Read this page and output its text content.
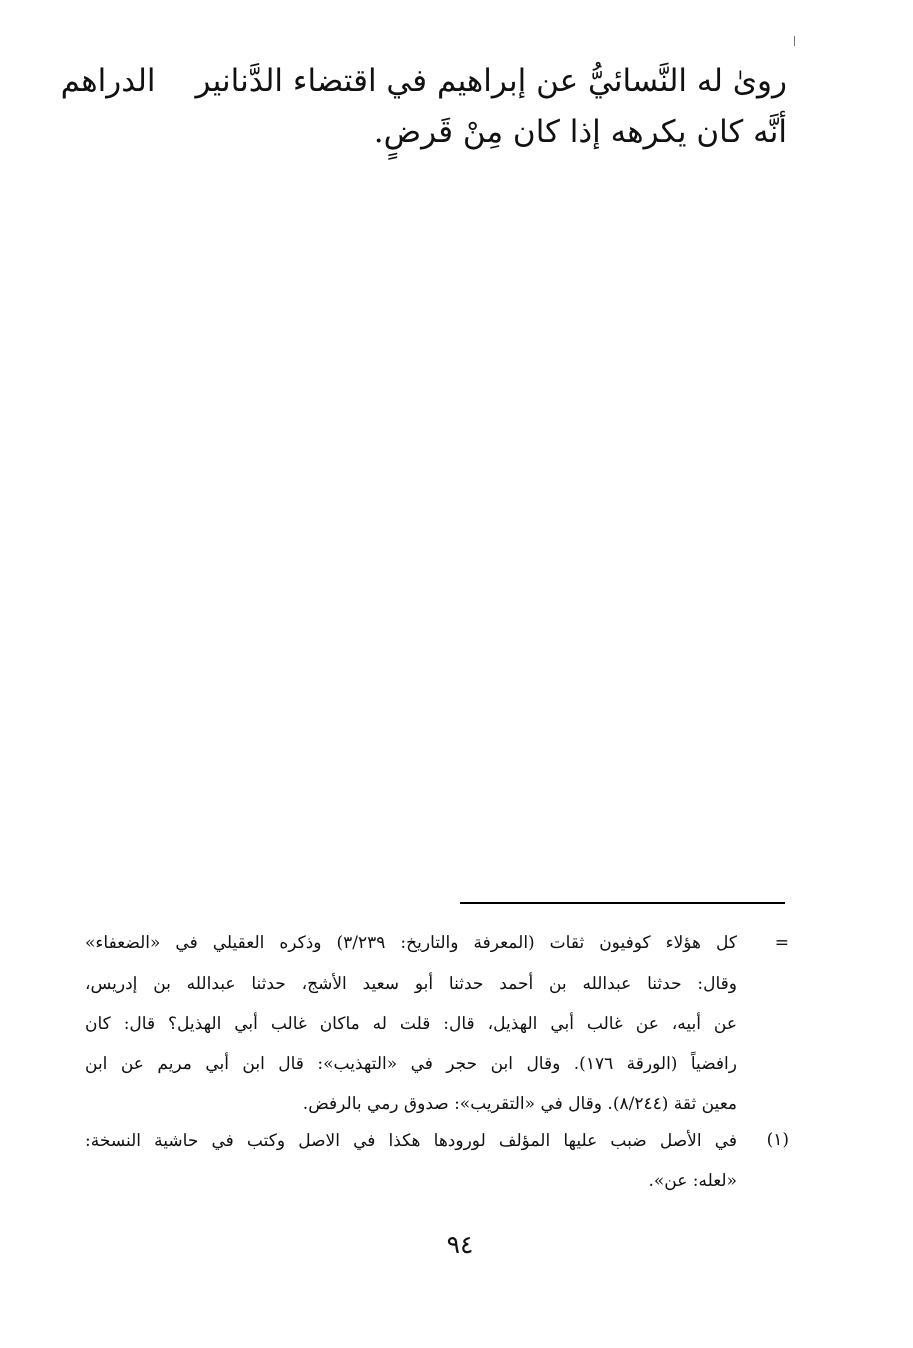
روىٰ له النَّسائيُّ عن إبراهيم في اقتضاء الدَّنانيرالدراهم
أنَّه كان يكرهه إذا كان مِنْ قَرضٍ.
=
كل هؤلاء كوفيون ثقات (المعرفة والتاريخ: ٣/٢٣٩) وذكره العقيلي في «الضعفاء»
وقال: حدثنا عبدالله بن أحمد حدثنا أبو سعيد الأشج، حدثنا عبدالله بن إدريس،
عن أبيه، عن غالب أبي الهذيل، قال: قلت له ماكان غالب أبي الهذيل؟ قال: كان
رافضياً (الورقة ١٧٦). وقال ابن حجر في «التهذيب»: قال ابن أبي مريم عن ابن
معين ثقة (٨/٢٤٤). وقال في «التقريب»: صدوق رمي بالرفض.
(١)
في الأصل ضبب عليها المؤلف لورودها هكذا في الاصل وكتب في حاشية النسخة:
«لعله: عن».
٩٤
